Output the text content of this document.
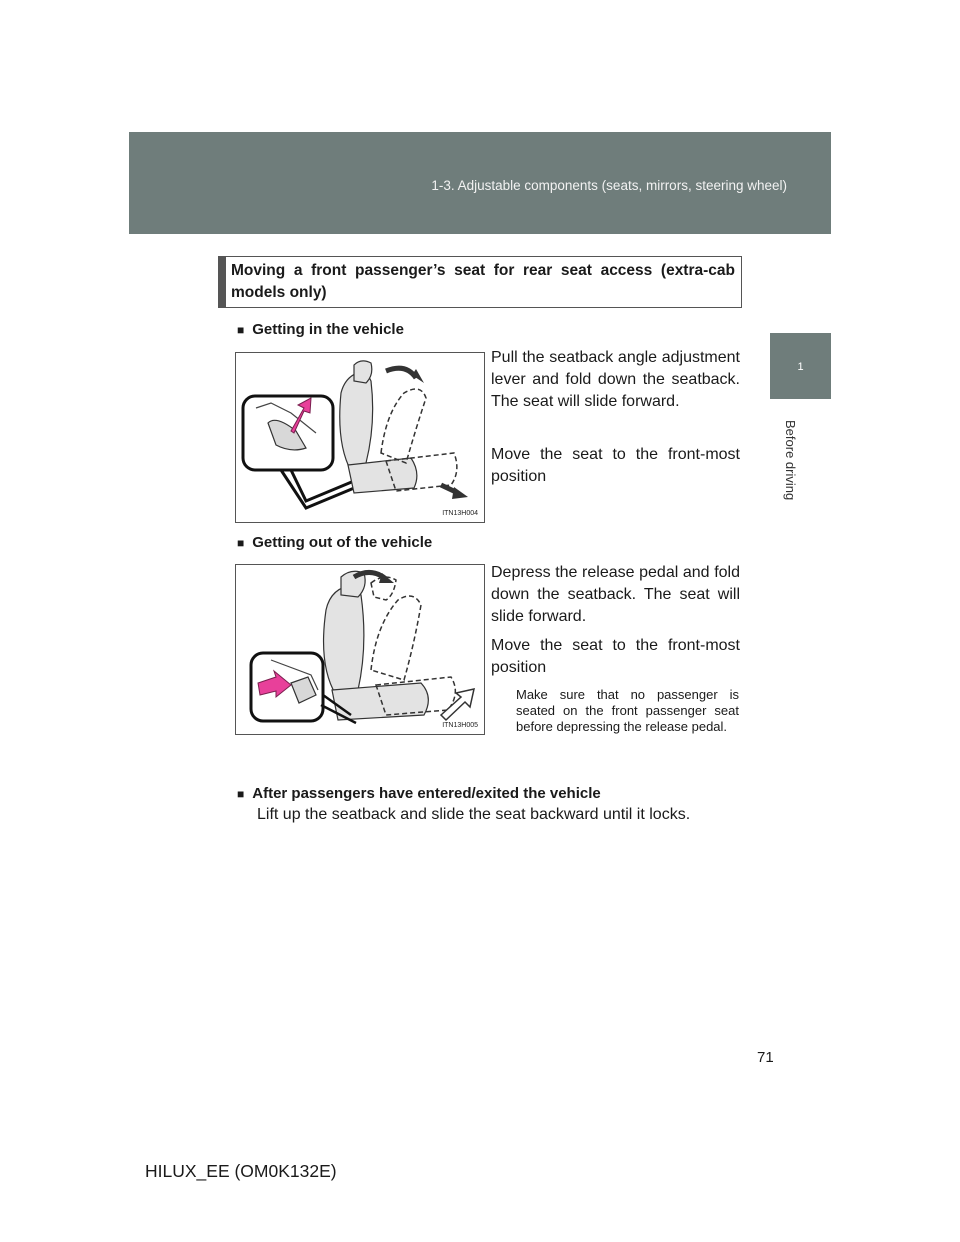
1-3. Adjustable components (seats, mirrors, steering wheel)
1
Before driving
Moving a front passenger’s seat for rear seat access (extra-cab models only)
■ Getting in the vehicle
ITN13H004

Pull the seatback angle adjustment lever and fold down the seatback. The seat will slide forward.

Move the seat to the front-most position

■ Getting out of the vehicle
ITN13H005

Depress the release pedal and fold down the seatback. The seat will slide forward.

Move the seat to the front-most position

Make sure that no passenger is seated on the front passenger seat before depressing the release pedal.

■ After passengers have entered/exited the vehicle
Lift up the seatback and slide the seat backward until it locks.
71
HILUX_EE (OM0K132E)
